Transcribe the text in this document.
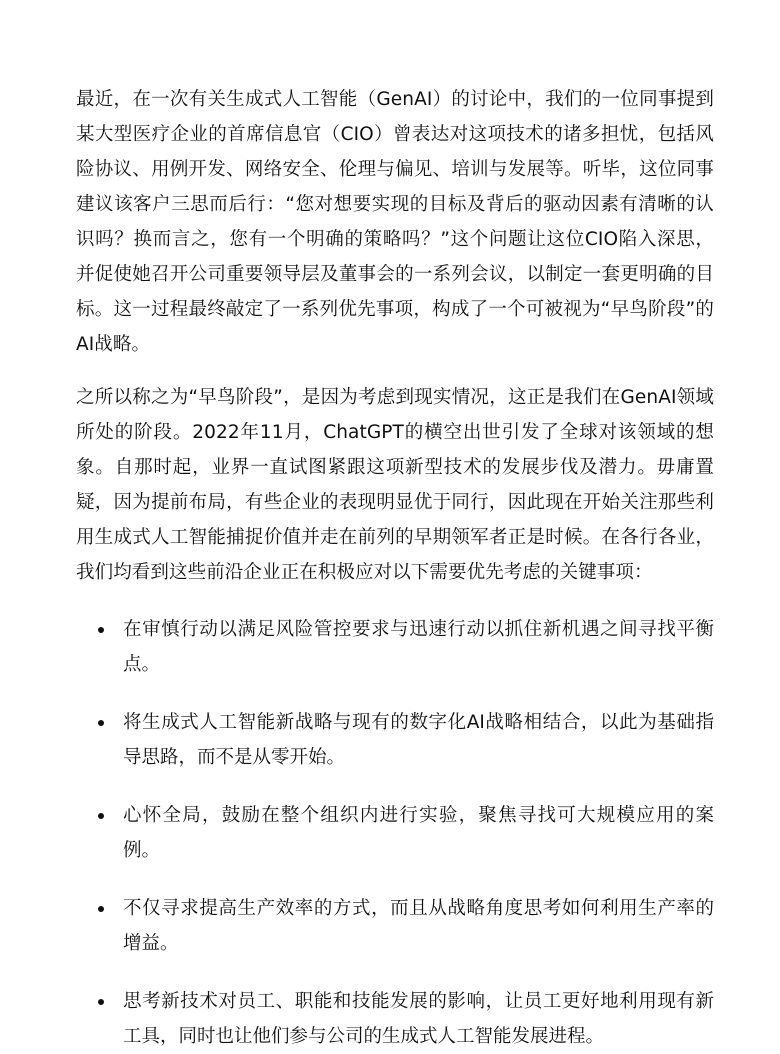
最近，在一次有关生成式人工智能（GenAI）的讨论中，我们的一位同事提到某大型医疗企业的首席信息官（CIO）曾表达对这项技术的诸多担忧，包括风险协议、用例开发、网络安全、伦理与偏见、培训与发展等。听毕，这位同事建议该客户三思而后行：“您对想要实现的目标及背后的驱动因素有清晰的认识吗？换而言之，您有一个明确的策略吗？”这个问题让这位CIO陷入深思，并促使她召开公司重要领导层及董事会的一系列会议，以制定一套更明确的目标。这一过程最终敲定了一系列优先事项，构成了一个可被视为“早鸟阶段”的AI战略。

之所以称之为“早鸟阶段”，是因为考虑到现实情况，这正是我们在GenAI领域所处的阶段。2022年11月，ChatGPT的横空出世引发了全球对该领域的想象。自那时起，业界一直试图紧跟这项新型技术的发展步伐及潜力。毋庸置疑，因为提前布局，有些企业的表现明显优于同行，因此现在开始关注那些利用生成式人工智能捕捉价值并走在前列的早期领军者正是时候。在各行各业，我们均看到这些前沿企业正在积极应对以下需要优先考虑的关键事项：

在审慎行动以满足风险管控要求与迅速行动以抓住新机遇之间寻找平衡点。
将生成式人工智能新战略与现有的数字化AI战略相结合，以此为基础指导思路，而不是从零开始。
心怀全局，鼓励在整个组织内进行实验，聚焦寻找可大规模应用的案例。
不仅寻求提高生产效率的方式，而且从战略角度思考如何利用生产率的增益。
思考新技术对员工、职能和技能发展的影响，让员工更好地利用现有新工具，同时也让他们参与公司的生成式人工智能发展进程。
